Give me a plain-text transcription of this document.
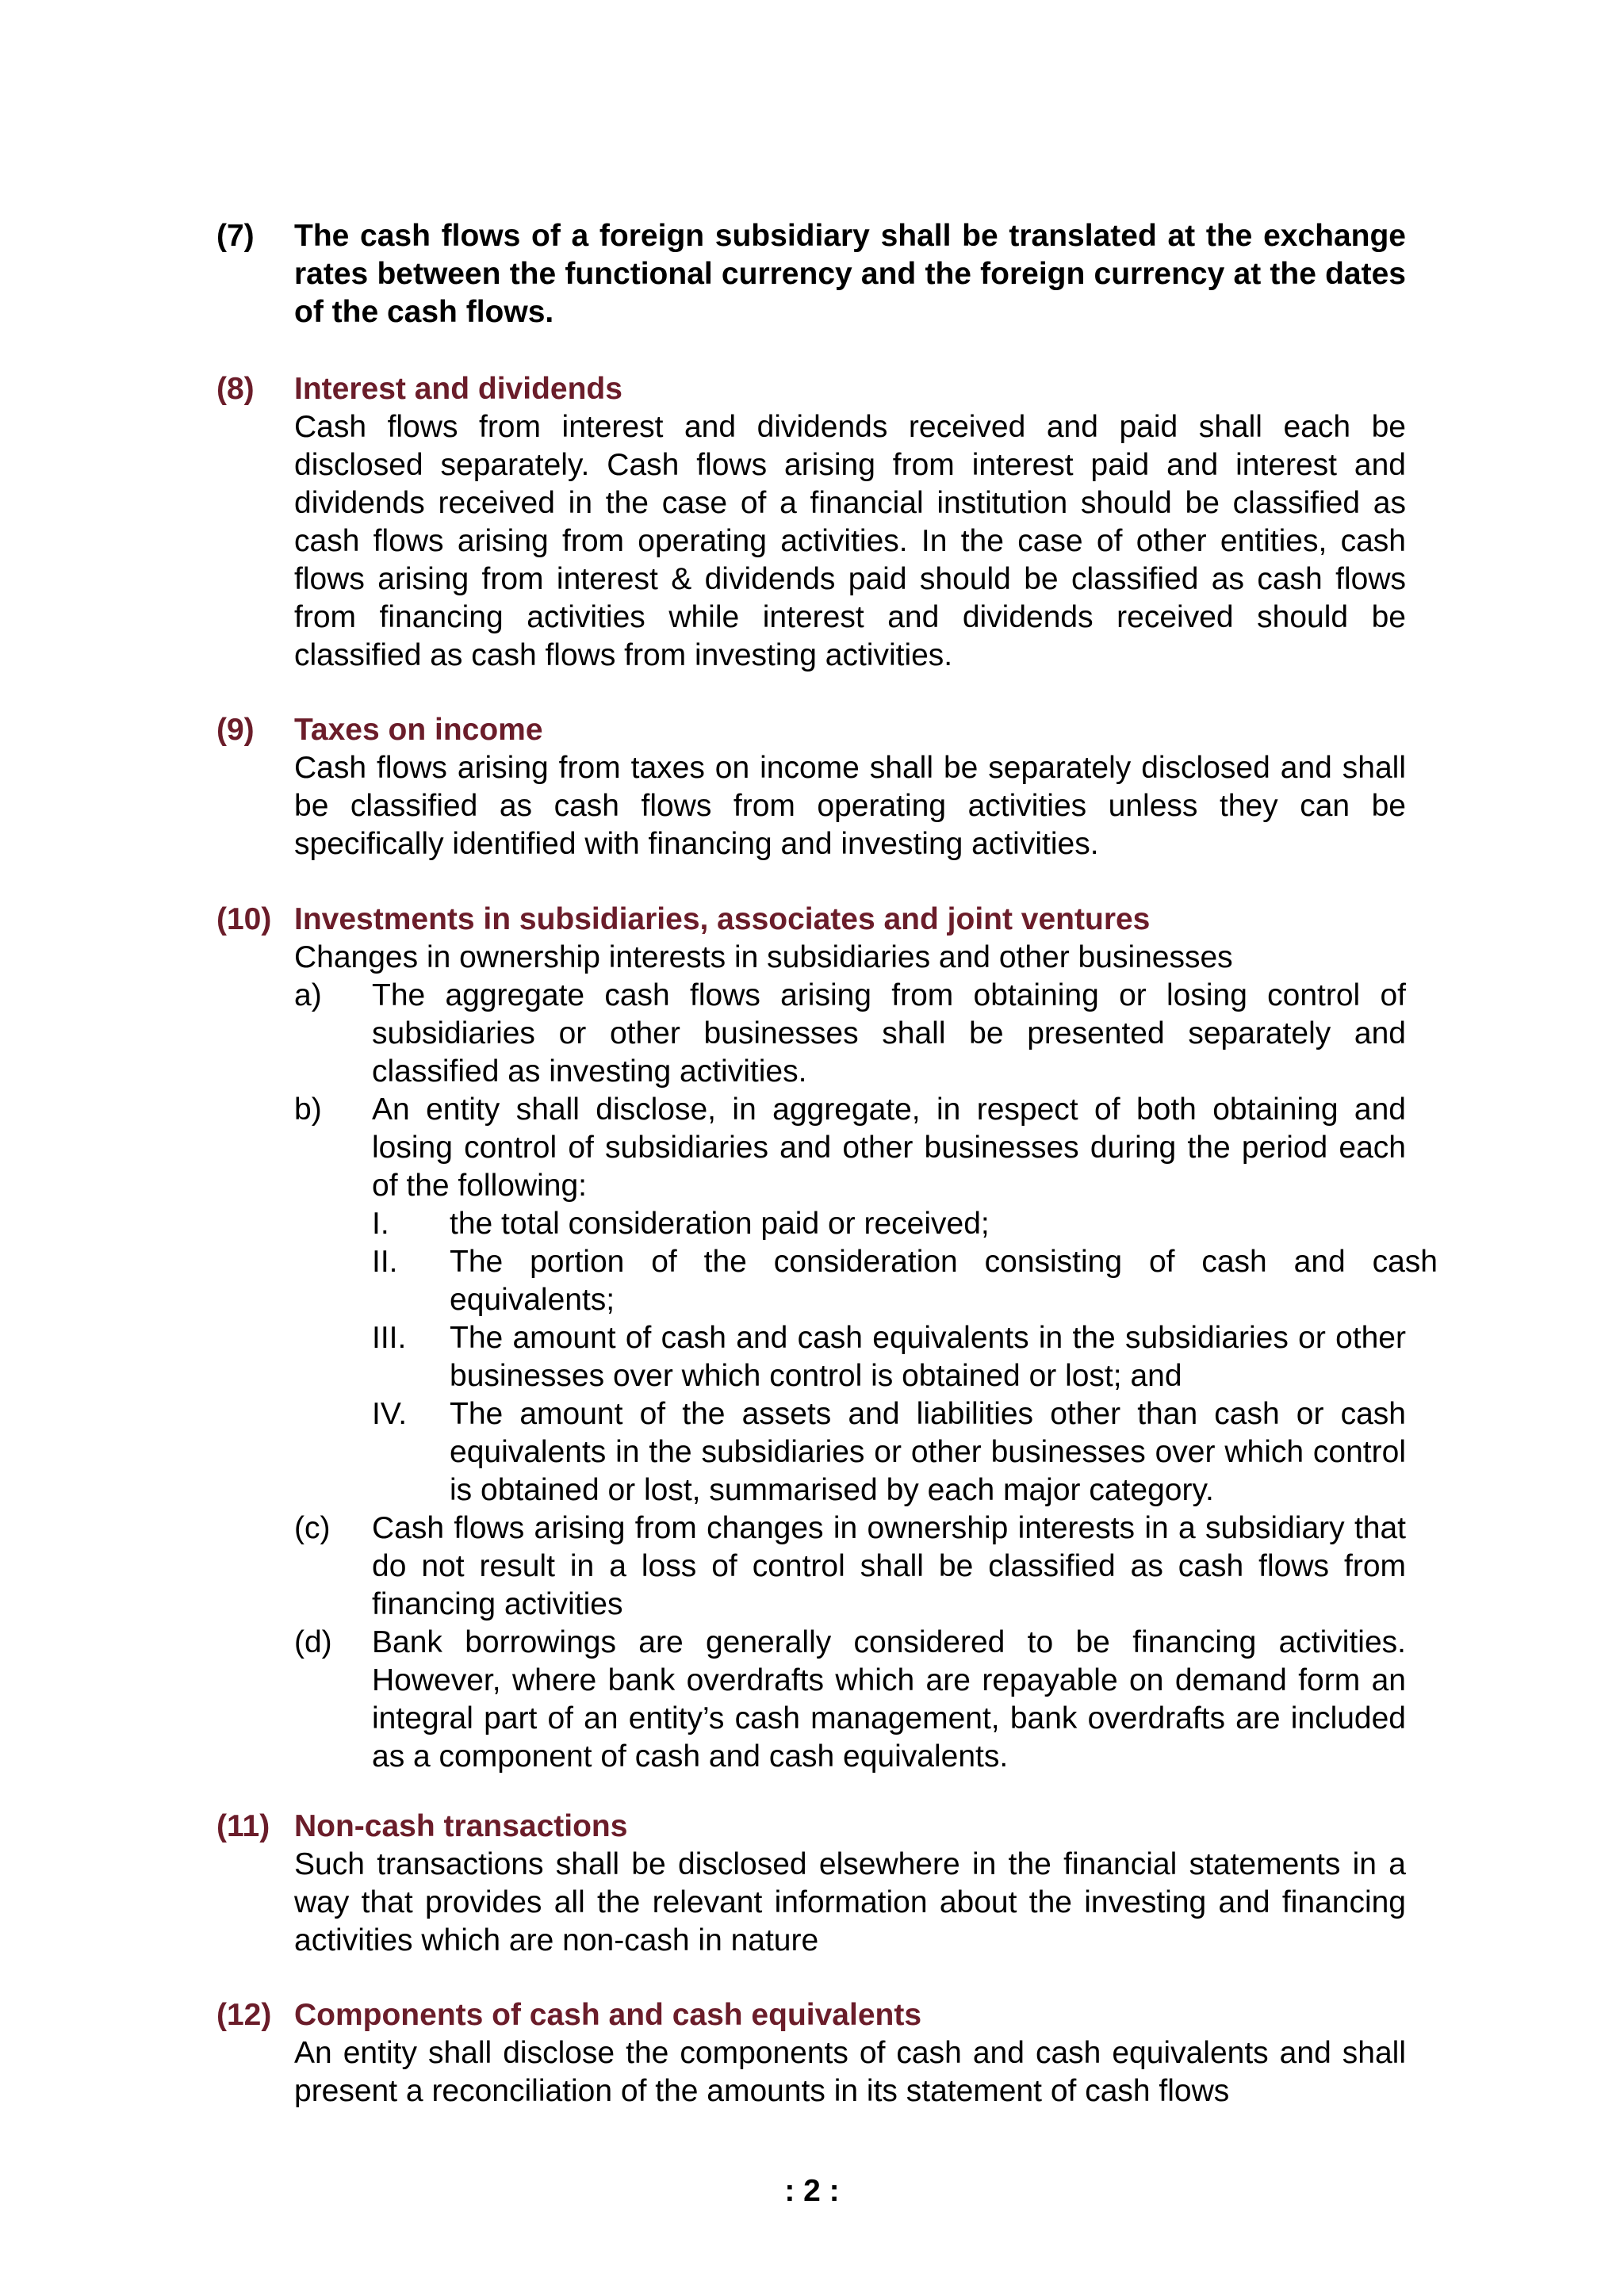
(7) The cash flows of a foreign subsidiary shall be translated at the exchange rates between the functional currency and the foreign currency at the dates of the cash flows.
(8) Interest and dividends
Cash flows from interest and dividends received and paid shall each be disclosed separately. Cash flows arising from interest paid and interest and dividends received in the case of a financial institution should be classified as cash flows arising from operating activities. In the case of other entities, cash flows arising from interest & dividends paid should be classified as cash flows from financing activities while interest and dividends received should be classified as cash flows from investing activities.
(9) Taxes on income
Cash flows arising from taxes on income shall be separately disclosed and shall be classified as cash flows from operating activities unless they can be specifically identified with financing and investing activities.
(10) Investments in subsidiaries, associates and joint ventures
Changes in ownership interests in subsidiaries and other businesses
a) The aggregate cash flows arising from obtaining or losing control of subsidiaries or other businesses shall be presented separately and classified as investing activities.
b) An entity shall disclose, in aggregate, in respect of both obtaining and losing control of subsidiaries and other businesses during the period each of the following:
I. the total consideration paid or received;
II. The portion of the consideration consisting of cash and cash equivalents;
III. The amount of cash and cash equivalents in the subsidiaries or other businesses over which control is obtained or lost; and
IV. The amount of the assets and liabilities other than cash or cash equivalents in the subsidiaries or other businesses over which control is obtained or lost, summarised by each major category.
(c) Cash flows arising from changes in ownership interests in a subsidiary that do not result in a loss of control shall be classified as cash flows from financing activities
(d) Bank borrowings are generally considered to be financing activities. However, where bank overdrafts which are repayable on demand form an integral part of an entity’s cash management, bank overdrafts are included as a component of cash and cash equivalents.
(11) Non-cash transactions
Such transactions shall be disclosed elsewhere in the financial statements in a way that provides all the relevant information about the investing and financing activities which are non-cash in nature
(12) Components of cash and cash equivalents
An entity shall disclose the components of cash and cash equivalents and shall present a reconciliation of the amounts in its statement of cash flows
: 2 :
